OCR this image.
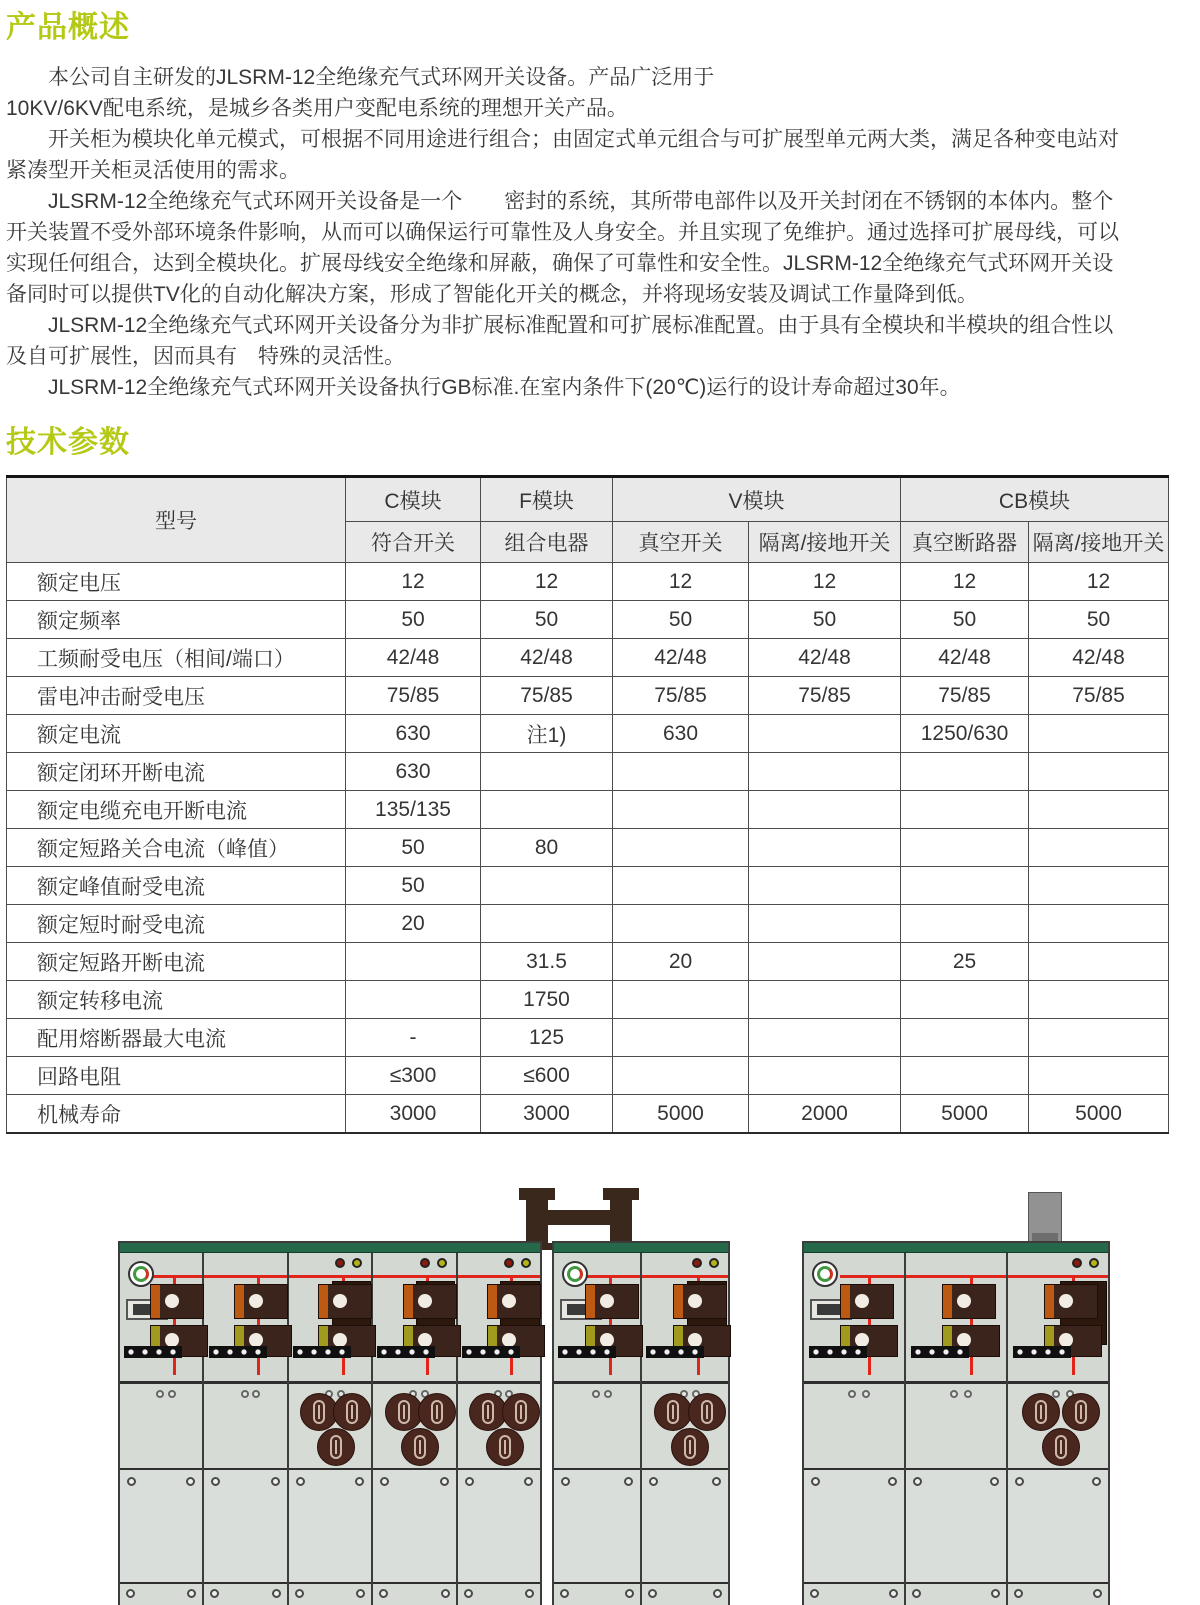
产品概述
本公司自主研发的JLSRM-12全绝缘充气式环网开关设备。产品广泛用于
10KV/6KV配电系统，是城乡各类用户变配电系统的理想开关产品。
开关柜为模块化单元模式，可根据不同用途进行组合；由固定式单元组合与可扩展型单元两大类，满足各种变电站对
紧凑型开关柜灵活使用的需求。
JLSRM-12全绝缘充气式环网开关设备是一个　　密封的系统，其所带电部件以及开关封闭在不锈钢的本体内。整个
开关装置不受外部环境条件影响，从而可以确保运行可靠性及人身安全。并且实现了免维护。通过选择可扩展母线，可以
实现任何组合，达到全模块化。扩展母线安全绝缘和屏蔽，确保了可靠性和安全性。JLSRM-12全绝缘充气式环网开关设
备同时可以提供TV化的自动化解决方案，形成了智能化开关的概念，并将现场安装及调试工作量降到低。
JLSRM-12全绝缘充气式环网开关设备分为非扩展标准配置和可扩展标准配置。由于具有全模块和半模块的组合性以
及自可扩展性，因而具有　特殊的灵活性。
JLSRM-12全绝缘充气式环网开关设备执行GB标准.在室内条件下(20℃)运行的设计寿命超过30年。
技术参数
型号	C模块	F模块	V模块		CB模块	
	符合开关	组合电器	真空开关	隔离/接地开关	真空断路器	隔离/接地开关
额定电压	12	12	12	12	12	12
额定频率	50	50	50	50	50	50
工频耐受电压（相间/端口）	42/48	42/48	42/48	42/48	42/48	42/48
雷电冲击耐受电压	75/85	75/85	75/85	75/85	75/85	75/85
额定电流	630	注1)	630		1250/630	
额定闭环开断电流	630					
额定电缆充电开断电流	135/135					
额定短路关合电流（峰值）	50	80				
额定峰值耐受电流	50					
额定短时耐受电流	20					
额定短路开断电流		31.5	20		25	
额定转移电流		1750				
配用熔断器最大电流	-	125				
回路电阻	≤300	≤600				
机械寿命	3000	3000	5000	2000	5000	5000
